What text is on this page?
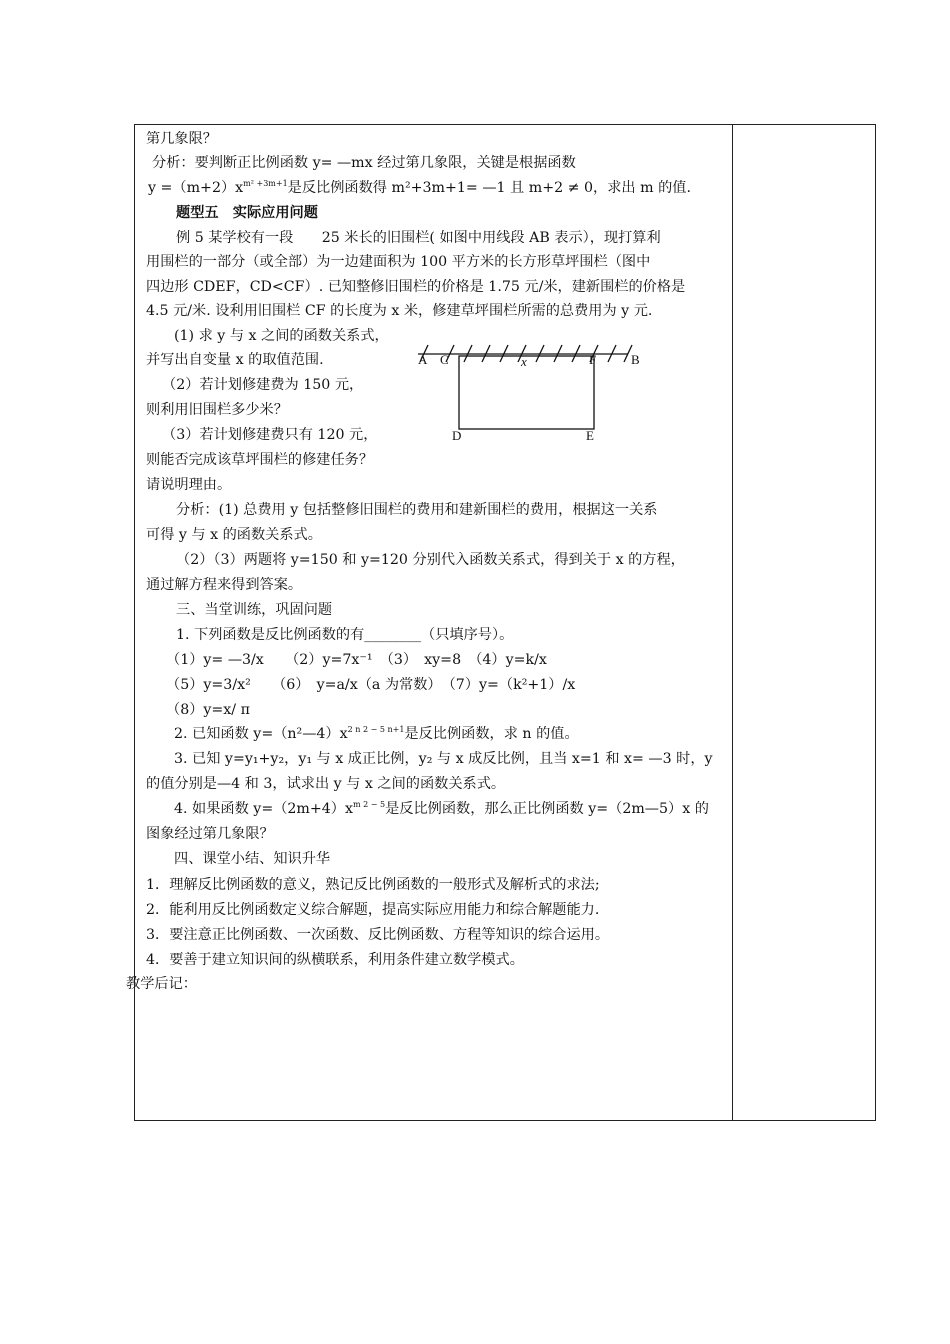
第几象限？
分析：要判断正比例函数 y= —mx 经过第几象限，关键是根据函数
$y =(m+2)x^{m^2 +3m+1}$是反比例函数得 m²+3m+1= —1 且 m+2 ≠ 0，求出 m 的值.
题型五　实际应用问题
例 5 某学校有一段　　25 米长的旧围栏( 如图中用线段 AB 表示），现打算利
用围栏的一部分（或全部）为一边建面积为 100 平方米的长方形草坪围栏（图中
四边形 CDEF，CD<CF）. 已知整修旧围栏的价格是 1.75 元/米，建新围栏的价格是
4.5 元/米. 设利用旧围栏 CF 的长度为 x 米，修建草坪围栏所需的总费用为 y 元.
(1) 求 y 与 x 之间的函数关系式，
并写出自变量 x 的取值范围.
（2）若计划修建费为 150 元，
则利用旧围栏多少米？
（3）若计划修建费只有 120 元，
则能否完成该草坪围栏的修建任务？
请说明理由。
分析：(1) 总费用 y 包括整修旧围栏的费用和建新围栏的费用，根据这一关系
可得 y 与 x 的函数关系式。
（2）（3）两题将 y=150 和 y=120 分别代入函数关系式，得到关于 x 的方程，
通过解方程来得到答案。
三、当堂训练，巩固问题
1. 下列函数是反比例函数的有________（只填序号）。
（1）y= —3/x　　（2）y=7x⁻¹　（3）　xy=8　（4）y=k/x
（5）y=3/x²　　（6）　y=a/x（a 为常数）　（7）y=（k²+1）/x
（8）y=x/ π
2. 已知函数 $y=(n^2—4)x^{2 n 2 - 5 n+1}$是反比例函数，求 n 的值。
3. 已知 y=y₁+y₂，y₁ 与 x 成正比例，y₂ 与 x 成反比例，且当 x=1 和 x= —3 时，y
的值分别是—4 和 3，试求出 y 与 x 之间的函数关系式。
4. 如果函数 $y=(2m+4)x^{m 2 - 5}$是反比例函数，那么正比例函数 y=（2m—5）x 的
图象经过第几象限？
四、课堂小结、知识升华
1．理解反比例函数的意义，熟记反比例函数的一般形式及解析式的求法;
2．能利用反比例函数定义综合解题，提高实际应用能力和综合解题能力.
3．要注意正比例函数、一次函数、反比例函数、方程等知识的综合运用。
4．要善于建立知识间的纵横联系，利用条件建立数学模式。
教学后记：
A C	x	F	B
D	E
